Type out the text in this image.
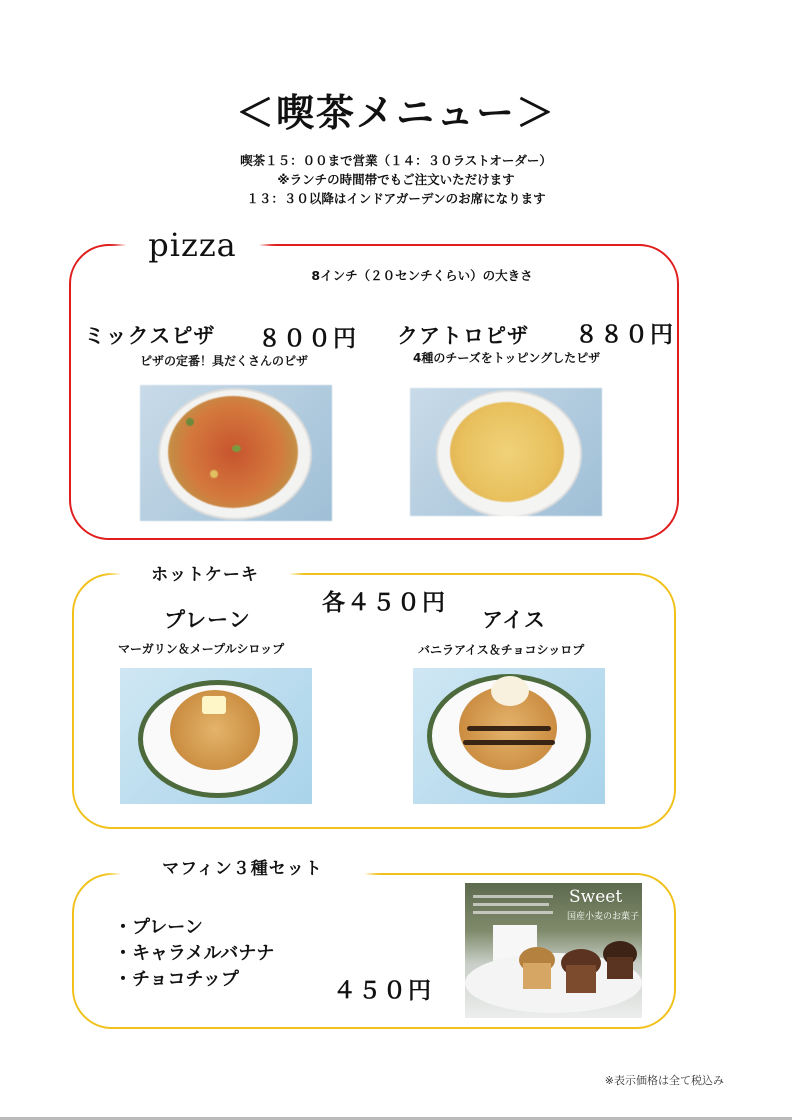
＜喫茶メニュー＞
喫茶１５：００まで営業（１４：３０ラストオーダー）
※ランチの時間帯でもご注文いただけます
１３：３０以降はインドアガーデンのお席になります
pizza
8インチ（２０センチくらい）の大きさ
ミックスピザ ８００円
ピザの定番！具だくさんのピザ
クアトロピザ ８８０円
4種のチーズをトッピングしたピザ
ホットケーキ
各４５０円
プレーン
マーガリン＆メープルシロップ
アイス
バニラアイス＆チョコシッロプ
マフィン３種セット
・プレーン
・キャラメルバナナ
・チョコチップ	４５０円
Sweet
国産小麦のお菓子
※表示価格は全て税込み
